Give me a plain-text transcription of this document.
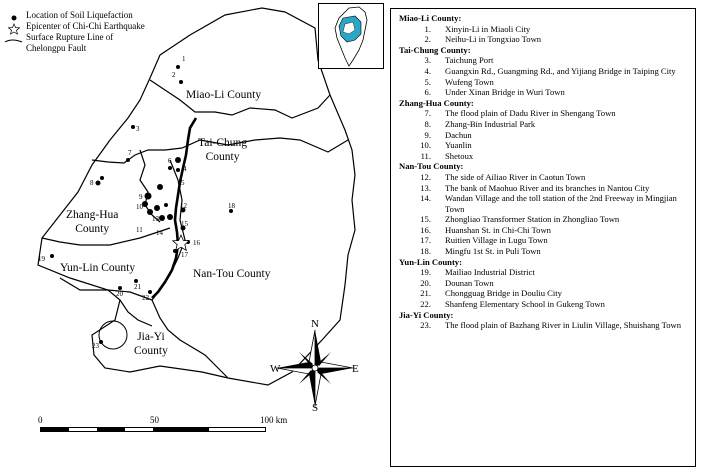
Location of Soil Liquefaction
Epicenter of Chi-Chi Earthquake
Surface Rupture Line of
Chelongpu Fault
Miao-Li County
Tai-Chung
County
Zhang-Hua
County
Yun-Lin County	Nan-Tou County
Jia-Yi
County
1
2
3
4
5
6
7
8
9
10
11
12
13
14
15
16
17
18
19
20
21
22
23
N
S
E
W
0	50	100 km
Miao-Li County:
1.	Xinyin-Li in Miaoli City
2.	Neihu-Li in Tongxiao Town
Tai-Chung County:
3.	Taichung Port
4.	Guangxin Rd., Guangming Rd., and Yijiang Bridge in Taiping City
5.	Wufeng Town
6.	Under Xinan Bridge in Wuri Town
Zhang-Hua County:
7.	The flood plain of Dadu River in Shengang Town
8.	Zhang-Bin Industrial Park
9.	Dachun
10.	Yuanlin
11.	Shetoux
Nan-Tou County:
12.	The side of Ailiao River in Caotun Town
13.	The bank of Maohuo River and its branches in Nantou City
14.	Wandan Village and the toll station of the 2nd Freeway in Mingjian Town
15.	Zhongliao Transformer Station in Zhongliao Town
16.	Huanshan St. in Chi-Chi Town
17.	Ruitien Village in Lugu Town
18.	Mingfu 1st St. in Puli Town
Yun-Lin County:
19.	Mailiao Industrial District
20.	Dounan Town
21.	Chongguag Bridge in Douliu City
22.	Shanfeng Elementary School in Gukeng Town
Jia-Yi County:
23.	The flood plain of Bazhang River in Liulin Village, Shuishang Town
